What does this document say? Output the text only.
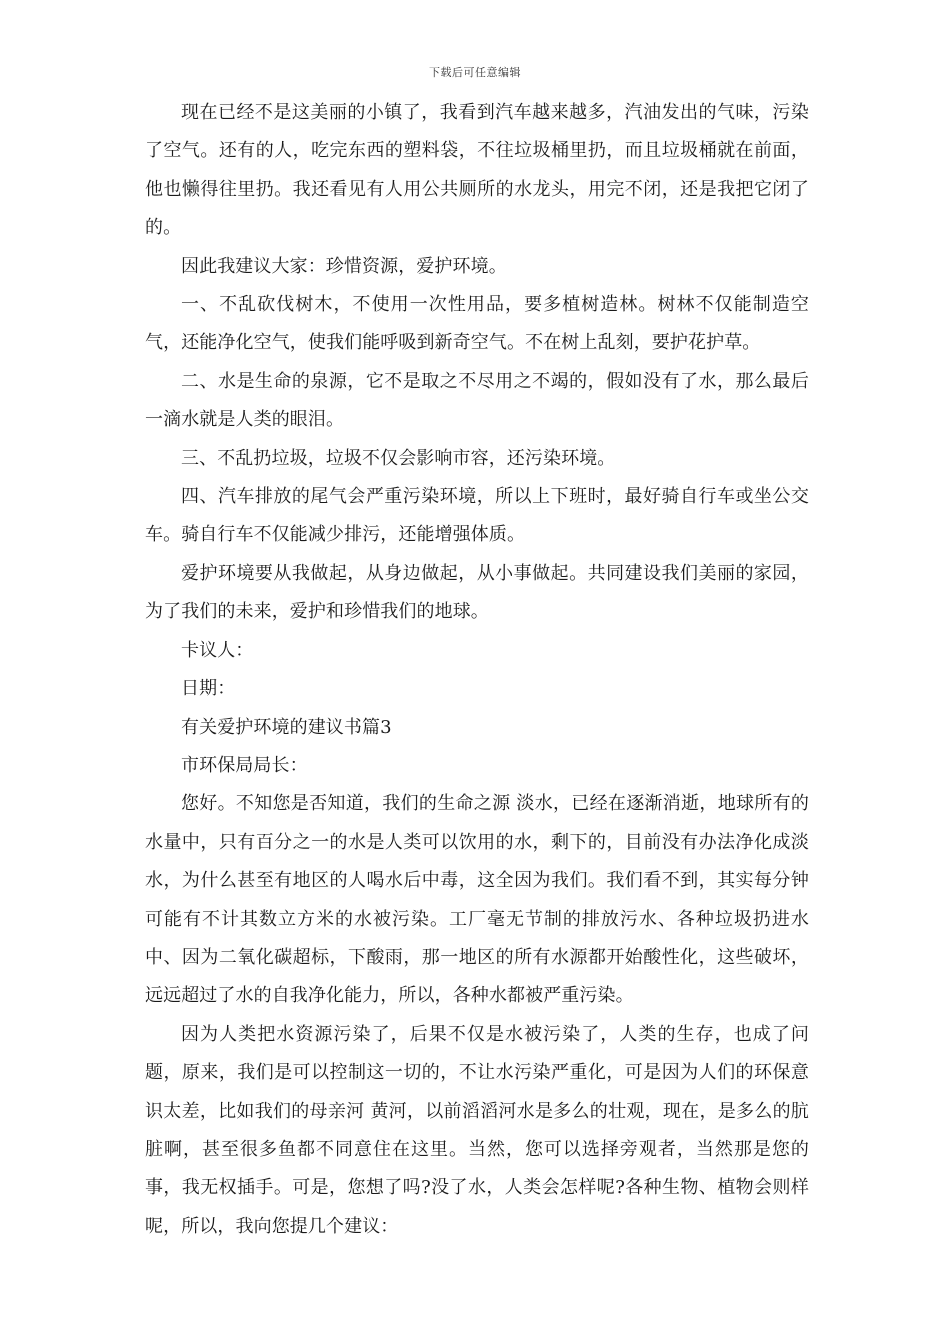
下载后可任意编辑

现在已经不是这美丽的小镇了，我看到汽车越来越多，汽油发出的气味，污染了空气。还有的人，吃完东西的塑料袋，不往垃圾桶里扔，而且垃圾桶就在前面，他也懒得往里扔。我还看见有人用公共厕所的水龙头，用完不闭，还是我把它闭了的。

因此我建议大家：珍惜资源，爱护环境。

一、不乱砍伐树木，不使用一次性用品，要多植树造林。树林不仅能制造空气，还能净化空气，使我们能呼吸到新奇空气。不在树上乱刻，要护花护草。

二、水是生命的泉源，它不是取之不尽用之不竭的，假如没有了水，那么最后一滴水就是人类的眼泪。

三、不乱扔垃圾，垃圾不仅会影响市容，还污染环境。

四、汽车排放的尾气会严重污染环境，所以上下班时，最好骑自行车或坐公交车。骑自行车不仅能减少排污，还能增强体质。

爱护环境要从我做起，从身边做起，从小事做起。共同建设我们美丽的家园，为了我们的未来，爱护和珍惜我们的地球。

卡议人：

日期：

有关爱护环境的建议书篇3

市环保局局长：

您好。不知您是否知道，我们的生命之源 淡水，已经在逐渐消逝，地球所有的水量中，只有百分之一的水是人类可以饮用的水，剩下的，目前没有办法净化成淡水，为什么甚至有地区的人喝水后中毒，这全因为我们。我们看不到，其实每分钟可能有不计其数立方米的水被污染。工厂毫无节制的排放污水、各种垃圾扔进水中、因为二氧化碳超标，下酸雨，那一地区的所有水源都开始酸性化，这些破坏，远远超过了水的自我净化能力，所以，各种水都被严重污染。

因为人类把水资源污染了，后果不仅是水被污染了，人类的生存，也成了问题，原来，我们是可以控制这一切的，不让水污染严重化，可是因为人们的环保意识太差，比如我们的母亲河 黄河，以前滔滔河水是多么的壮观，现在，是多么的肮脏啊，甚至很多鱼都不同意住在这里。当然，您可以选择旁观者，当然那是您的事，我无权插手。可是，您想了吗?没了水，人类会怎样呢?各种生物、植物会则样呢，所以，我向您提几个建议：
